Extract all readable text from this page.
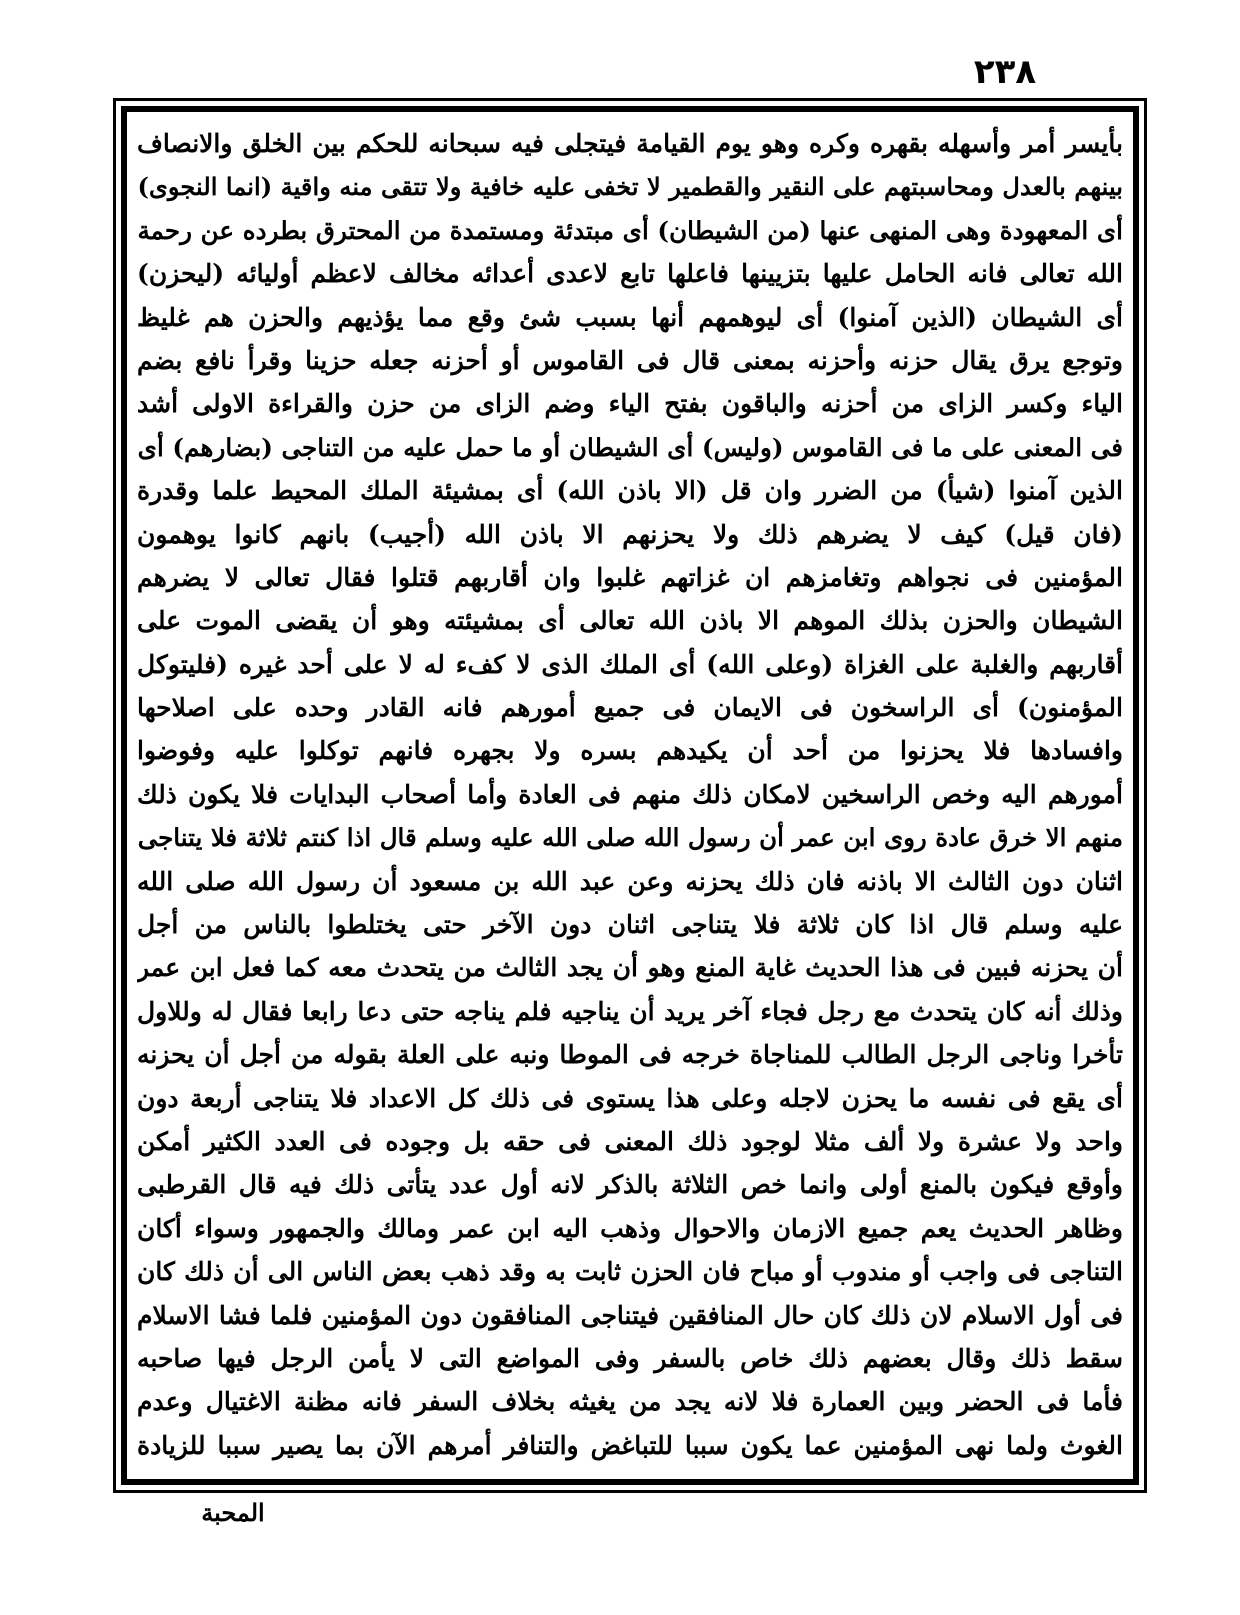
٢٣٨
بأيسر أمر وأسهله بقهره وكره وهو يوم القيامة فيتجلى فيه سبحانه للحكم بين الخلق والانصاف
بينهم بالعدل ومحاسبتهم على النقير والقطمير لا تخفى عليه خافية ولا تتقى منه واقية (انما النجوى)
أى المعهودة وهى المنهى عنها (من الشيطان) أى مبتدئة ومستمدة من المحترق بطرده عن رحمة
الله تعالى فانه الحامل عليها بتزيينها فاعلها تابع لاعدى أعدائه مخالف لاعظم أوليائه (ليحزن)
أى الشيطان (الذين آمنوا) أى ليوهمهم أنها بسبب شئ وقع مما يؤذيهم والحزن هم غليظ
وتوجع يرق يقال حزنه وأحزنه بمعنى قال فى القاموس أو أحزنه جعله حزينا وقرأ نافع بضم
الياء وكسر الزاى من أحزنه والباقون بفتح الياء وضم الزاى من حزن والقراءة الاولى أشد
فى المعنى على ما فى القاموس (وليس) أى الشيطان أو ما حمل عليه من التناجى (بضارهم) أى
الذين آمنوا (شيأ) من الضرر وان قل (الا باذن الله) أى بمشيئة الملك المحيط علما وقدرة
(فان قيل) كيف لا يضرهم ذلك ولا يحزنهم الا باذن الله (أجيب) بانهم كانوا يوهمون
المؤمنين فى نجواهم وتغامزهم ان غزاتهم غلبوا وان أقاربهم قتلوا فقال تعالى لا يضرهم
الشيطان والحزن بذلك الموهم الا باذن الله تعالى أى بمشيئته وهو أن يقضى الموت على
أقاربهم والغلبة على الغزاة (وعلى الله) أى الملك الذى لا كفء له لا على أحد غيره (فليتوكل
المؤمنون) أى الراسخون فى الايمان فى جميع أمورهم فانه القادر وحده على اصلاحها
وافسادها فلا يحزنوا من أحد أن يكيدهم بسره ولا بجهره فانهم توكلوا عليه وفوضوا
أمورهم اليه وخص الراسخين لامكان ذلك منهم فى العادة وأما أصحاب البدايات فلا يكون ذلك
منهم الا خرق عادة روى ابن عمر أن رسول الله صلى الله عليه وسلم قال اذا كنتم ثلاثة فلا يتناجى
اثنان دون الثالث الا باذنه فان ذلك يحزنه وعن عبد الله بن مسعود أن رسول الله صلى الله
عليه وسلم قال اذا كان ثلاثة فلا يتناجى اثنان دون الآخر حتى يختلطوا بالناس من أجل
أن يحزنه فبين فى هذا الحديث غاية المنع وهو أن يجد الثالث من يتحدث معه كما فعل ابن عمر
وذلك أنه كان يتحدث مع رجل فجاء آخر يريد أن يناجيه فلم يناجه حتى دعا رابعا فقال له وللاول
تأخرا وناجى الرجل الطالب للمناجاة خرجه فى الموطا ونبه على العلة بقوله من أجل أن يحزنه
أى يقع فى نفسه ما يحزن لاجله وعلى هذا يستوى فى ذلك كل الاعداد فلا يتناجى أربعة دون
واحد ولا عشرة ولا ألف مثلا لوجود ذلك المعنى فى حقه بل وجوده فى العدد الكثير أمكن
وأوقع فيكون بالمنع أولى وانما خص الثلاثة بالذكر لانه أول عدد يتأتى ذلك فيه قال القرطبى
وظاهر الحديث يعم جميع الازمان والاحوال وذهب اليه ابن عمر ومالك والجمهور وسواء أكان
التناجى فى واجب أو مندوب أو مباح فان الحزن ثابت به وقد ذهب بعض الناس الى أن ذلك كان
فى أول الاسلام لان ذلك كان حال المنافقين فيتناجى المنافقون دون المؤمنين فلما فشا الاسلام
سقط ذلك وقال بعضهم ذلك خاص بالسفر وفى المواضع التى لا يأمن الرجل فيها صاحبه
فأما فى الحضر وبين العمارة فلا لانه يجد من يغيثه بخلاف السفر فانه مظنة الاغتيال وعدم
الغوث ولما نهى المؤمنين عما يكون سببا للتباغض والتنافر أمرهم الآن بما يصير سببا للزيادة
المحبة
